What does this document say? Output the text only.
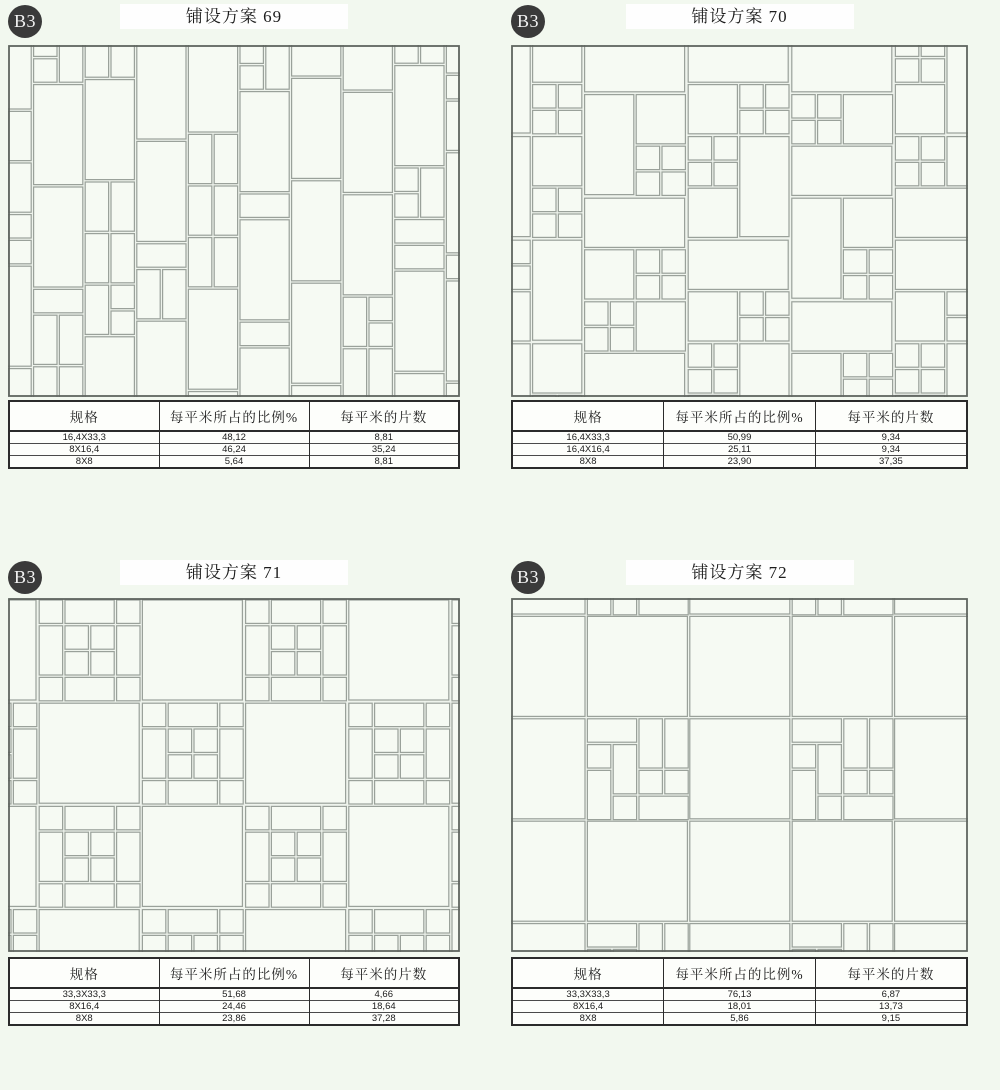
B3	铺设方案 69
规格	每平米所占的比例%	每平米的片数
16,4X33,3	48,12	8,81
8X16,4	46,24	35,24
8X8	5,64	8,81
B3	铺设方案 70
规格	每平米所占的比例%	每平米的片数
16,4X33,3	50,99	9,34
16,4X16,4	25,11	9,34
8X8	23,90	37,35
B3	铺设方案 71
规格	每平米所占的比例%	每平米的片数
33,3X33,3	51,68	4,66
8X16,4	24,46	18,64
8X8	23,86	37,28
B3	铺设方案 72
规格	每平米所占的比例%	每平米的片数
33,3X33,3	76,13	6,87
8X16,4	18,01	13,73
8X8	5,86	9,15
